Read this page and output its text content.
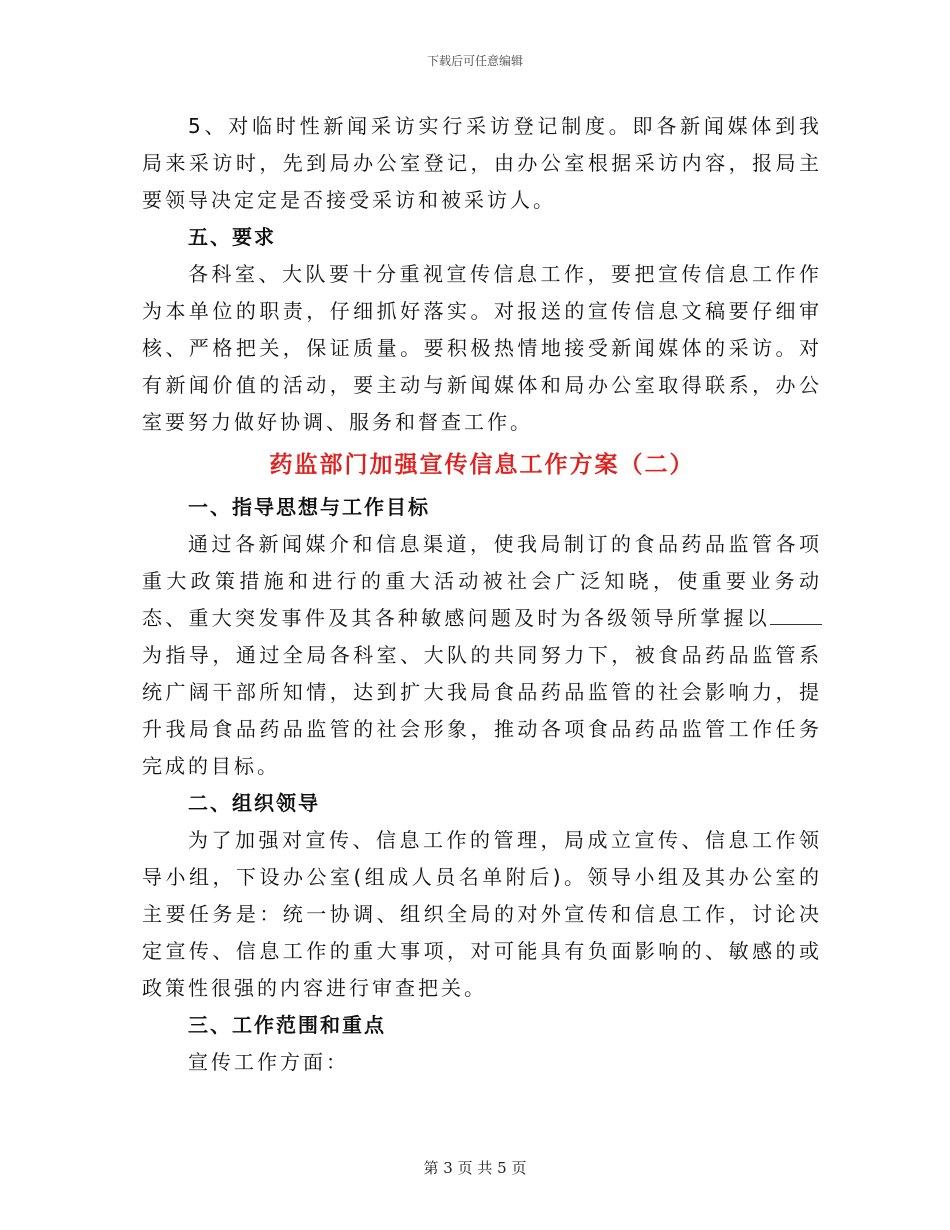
下载后可任意编辑

5、对临时性新闻采访实行采访登记制度。即各新闻媒体到我局来采访时，先到局办公室登记，由办公室根据采访内容，报局主要领导决定定是否接受采访和被采访人。

五、要求

各科室、大队要十分重视宣传信息工作，要把宣传信息工作作为本单位的职责，仔细抓好落实。对报送的宣传信息文稿要仔细审核、严格把关，保证质量。要积极热情地接受新闻媒体的采访。对有新闻价值的活动，要主动与新闻媒体和局办公室取得联系，办公室要努力做好协调、服务和督查工作。

药监部门加强宣传信息工作方案（二）

一、指导思想与工作目标

通过各新闻媒介和信息渠道，使我局制订的食品药品监管各项重大政策措施和进行的重大活动被社会广泛知晓，使重要业务动态、重大突发事件及其各种敏感问题及时为各级领导所掌握以为指导，通过全局各科室、大队的共同努力下，被食品药品监管系统广阔干部所知情，达到扩大我局食品药品监管的社会影响力，提升我局食品药品监管的社会形象，推动各项食品药品监管工作任务完成的目标。

二、组织领导

为了加强对宣传、信息工作的管理，局成立宣传、信息工作领导小组，下设办公室(组成人员名单附后)。领导小组及其办公室的主要任务是：统一协调、组织全局的对外宣传和信息工作，讨论决定宣传、信息工作的重大事项，对可能具有负面影响的、敏感的或政策性很强的内容进行审查把关。

三、工作范围和重点

宣传工作方面：

第 3 页 共 5 页
